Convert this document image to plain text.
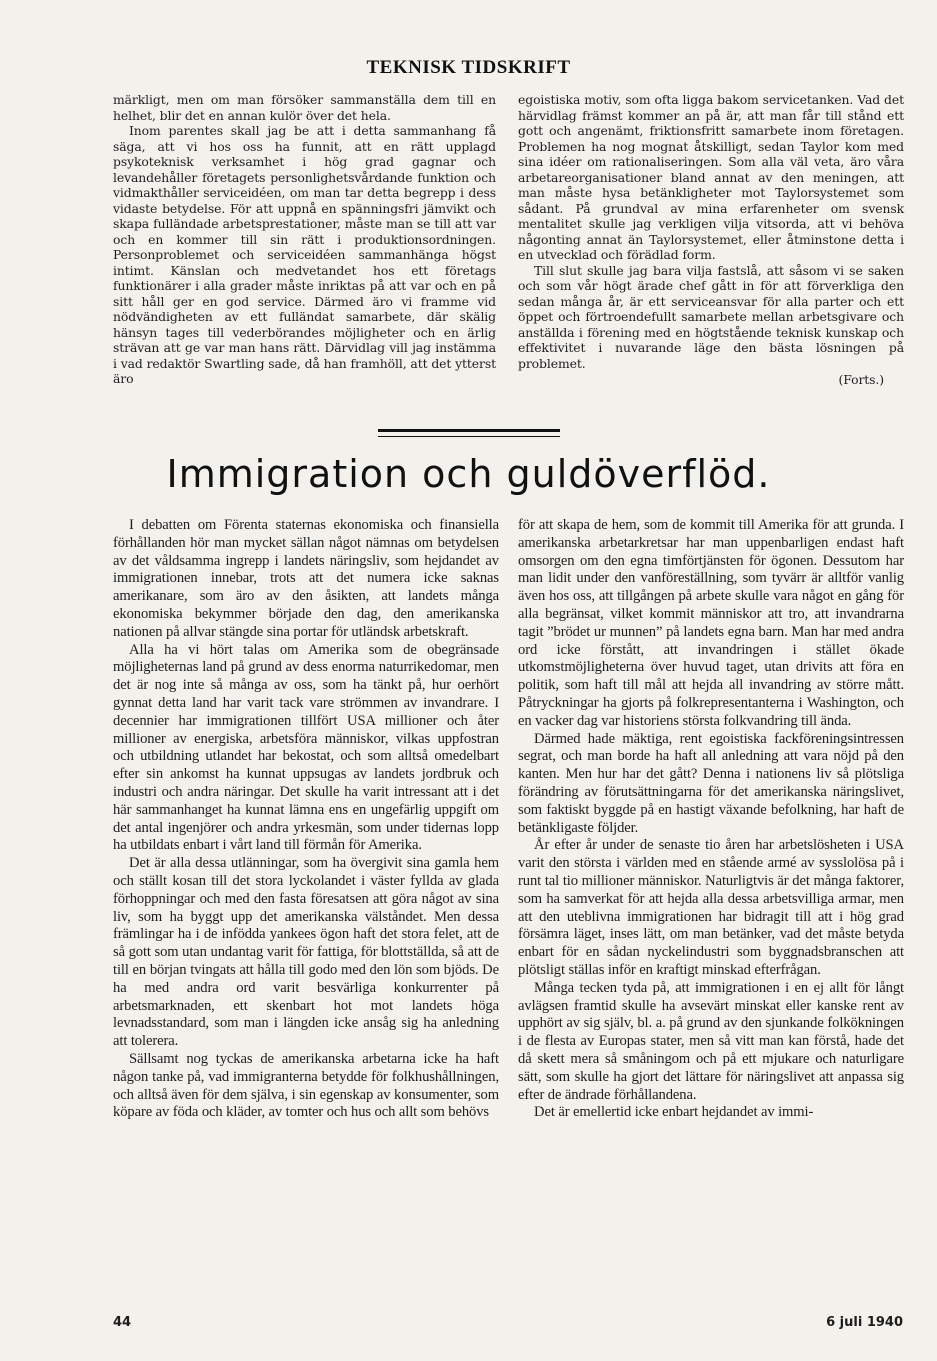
TEKNISK TIDSKRIFT

märkligt, men om man försöker sammanställa dem till en helhet, blir det en annan kulör över det hela.

Inom parentes skall jag be att i detta sammanhang få säga, att vi hos oss ha funnit, att en rätt upplagd psykoteknisk verksamhet i hög grad gagnar och levandehåller företagets personlighetsvårdande funktion och vidmakthåller serviceidéen, om man tar detta begrepp i dess vidaste betydelse. För att uppnå en spänningsfri jämvikt och skapa fulländade arbetsprestationer, måste man se till att var och en kommer till sin rätt i produktionsordningen. Personproblemet och serviceidéen sammanhänga högst intimt. Känslan och medvetandet hos ett företags funktionärer i alla grader måste inriktas på att var och en på sitt håll ger en god service. Därmed äro vi framme vid nödvändigheten av ett fulländat samarbete, där skälig hänsyn tages till vederbörandes möjligheter och en ärlig strävan att ge var man hans rätt. Därvidlag vill jag instämma i vad redaktör Swartling sade, då han framhöll, att det ytterst äro

egoistiska motiv, som ofta ligga bakom servicetanken. Vad det härvidlag främst kommer an på är, att man får till stånd ett gott och angenämt, friktionsfritt samarbete inom företagen. Problemen ha nog mognat åtskilligt, sedan Taylor kom med sina idéer om rationaliseringen. Som alla väl veta, äro våra arbetareorganisationer bland annat av den meningen, att man måste hysa betänkligheter mot Taylorsystemet som sådant. På grundval av mina erfarenheter om svensk mentalitet skulle jag verkligen vilja vitsorda, att vi behöva någonting annat än Taylorsystemet, eller åtminstone detta i en utvecklad och förädlad form.

Till slut skulle jag bara vilja fastslå, att såsom vi se saken och som vår högt ärade chef gått in för att förverkliga den sedan många år, är ett serviceansvar för alla parter och ett öppet och förtroendefullt samarbete mellan arbetsgivare och anställda i förening med en högtstående teknisk kunskap och effektivitet i nuvarande läge den bästa lösningen på problemet.

(Forts.)
Immigration och guldöverflöd.

I debatten om Förenta staternas ekonomiska och finansiella förhållanden hör man mycket sällan något nämnas om betydelsen av det våldsamma ingrepp i landets näringsliv, som hejdandet av immigrationen innebar, trots att det numera icke saknas amerikanare, som äro av den åsikten, att landets många ekonomiska bekymmer började den dag, den amerikanska nationen på allvar stängde sina portar för utländsk arbetskraft.

Alla ha vi hört talas om Amerika som de obegränsade möjligheternas land på grund av dess enorma naturrikedomar, men det är nog inte så många av oss, som ha tänkt på, hur oerhört gynnat detta land har varit tack vare strömmen av invandrare. I decennier har immigrationen tillfört USA millioner och åter millioner av energiska, arbetsföra människor, vilkas uppfostran och utbildning utlandet har bekostat, och som alltså omedelbart efter sin ankomst ha kunnat uppsugas av landets jordbruk och industri och andra näringar. Det skulle ha varit intressant att i det här sammanhanget ha kunnat lämna ens en ungefärlig uppgift om det antal ingenjörer och andra yrkesmän, som under tidernas lopp ha utbildats enbart i vårt land till förmån för Amerika.

Det är alla dessa utlänningar, som ha övergivit sina gamla hem och ställt kosan till det stora lyckolandet i väster fyllda av glada förhoppningar och med den fasta föresatsen att göra något av sina liv, som ha byggt upp det amerikanska välståndet. Men dessa främlingar ha i de infödda yankees ögon haft det stora felet, att de så gott som utan undantag varit för fattiga, för blottställda, så att de till en början tvingats att hålla till godo med den lön som bjöds. De ha med andra ord varit besvärliga konkurrenter på arbetsmarknaden, ett skenbart hot mot landets höga levnadsstandard, som man i längden icke ansåg sig ha anledning att tolerera.

Sällsamt nog tyckas de amerikanska arbetarna icke ha haft någon tanke på, vad immigranterna betydde för folkhushållningen, och alltså även för dem själva, i sin egenskap av konsumenter, som köpare av föda och kläder, av tomter och hus och allt som behövs

för att skapa de hem, som de kommit till Amerika för att grunda. I amerikanska arbetarkretsar har man uppenbarligen endast haft omsorgen om den egna timförtjänsten för ögonen. Dessutom har man lidit under den vanföreställning, som tyvärr är alltför vanlig även hos oss, att tillgången på arbete skulle vara något en gång för alla begränsat, vilket kommit människor att tro, att invandrarna tagit ”brödet ur munnen” på landets egna barn. Man har med andra ord icke förstått, att invandringen i stället ökade utkomstmöjligheterna över huvud taget, utan drivits att föra en politik, som haft till mål att hejda all invandring av större mått. Påtryckningar ha gjorts på folkrepresentanterna i Washington, och en vacker dag var historiens största folkvandring till ända.

Därmed hade mäktiga, rent egoistiska fackföreningsintressen segrat, och man borde ha haft all anledning att vara nöjd på den kanten. Men hur har det gått? Denna i nationens liv så plötsliga förändring av förutsättningarna för det amerikanska näringslivet, som faktiskt byggde på en hastigt växande befolkning, har haft de betänkligaste följder.

År efter år under de senaste tio åren har arbetslösheten i USA varit den största i världen med en stående armé av sysslolösa på i runt tal tio millioner människor. Naturligtvis är det många faktorer, som ha samverkat för att hejda alla dessa arbetsvilliga armar, men att den uteblivna immigrationen har bidragit till att i hög grad försämra läget, inses lätt, om man betänker, vad det måste betyda enbart för en sådan nyckelindustri som byggnadsbranschen att plötsligt ställas inför en kraftigt minskad efterfrågan.

Många tecken tyda på, att immigrationen i en ej allt för långt avlägsen framtid skulle ha avsevärt minskat eller kanske rent av upphört av sig själv, bl. a. på grund av den sjunkande folkökningen i de flesta av Europas stater, men så vitt man kan förstå, hade det då skett mera så småningom och på ett mjukare och naturligare sätt, som skulle ha gjort det lättare för näringslivet att anpassa sig efter de ändrade förhållandena.

Det är emellertid icke enbart hejdandet av immi-

44	6 juli 1940
